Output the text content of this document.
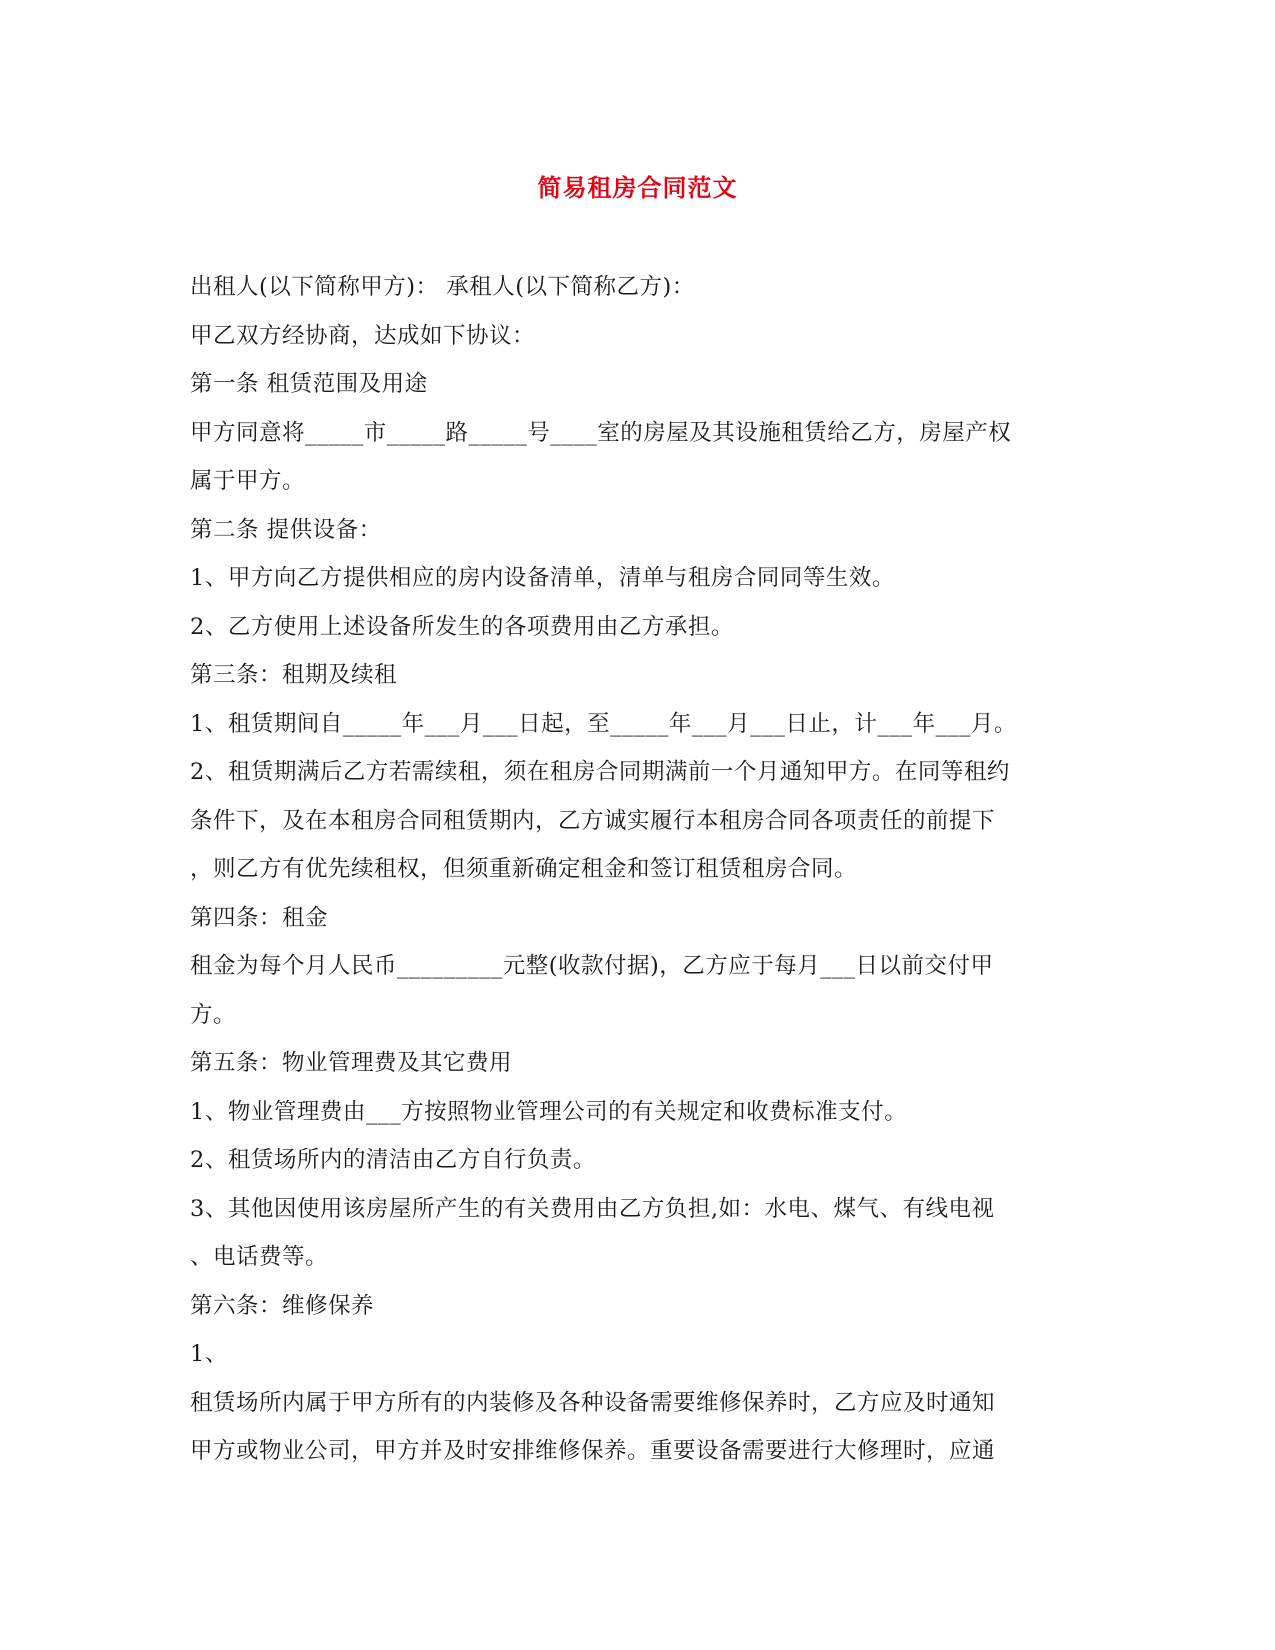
简易租房合同范文
出租人(以下简称甲方)： 承租人(以下简称乙方)：
甲乙双方经协商，达成如下协议：
第一条 租赁范围及用途
甲方同意将_____市_____路_____号____室的房屋及其设施租赁给乙方，房屋产权
属于甲方。
第二条 提供设备：
1、甲方向乙方提供相应的房内设备清单，清单与租房合同同等生效。
2、乙方使用上述设备所发生的各项费用由乙方承担。
第三条：租期及续租
1、租赁期间自_____年___月___日起，至_____年___月___日止，计___年___月。
2、租赁期满后乙方若需续租，须在租房合同期满前一个月通知甲方。在同等租约
条件下，及在本租房合同租赁期内，乙方诚实履行本租房合同各项责任的前提下
，则乙方有优先续租权，但须重新确定租金和签订租赁租房合同。
第四条：租金
租金为每个月人民币_________元整(收款付据)，乙方应于每月___日以前交付甲
方。
第五条：物业管理费及其它费用
1、物业管理费由___方按照物业管理公司的有关规定和收费标准支付。
2、租赁场所内的清洁由乙方自行负责。
3、其他因使用该房屋所产生的有关费用由乙方负担,如：水电、煤气、有线电视
、电话费等。
第六条：维修保养
1、
租赁场所内属于甲方所有的内装修及各种设备需要维修保养时，乙方应及时通知
甲方或物业公司，甲方并及时安排维修保养。重要设备需要进行大修理时，应通
